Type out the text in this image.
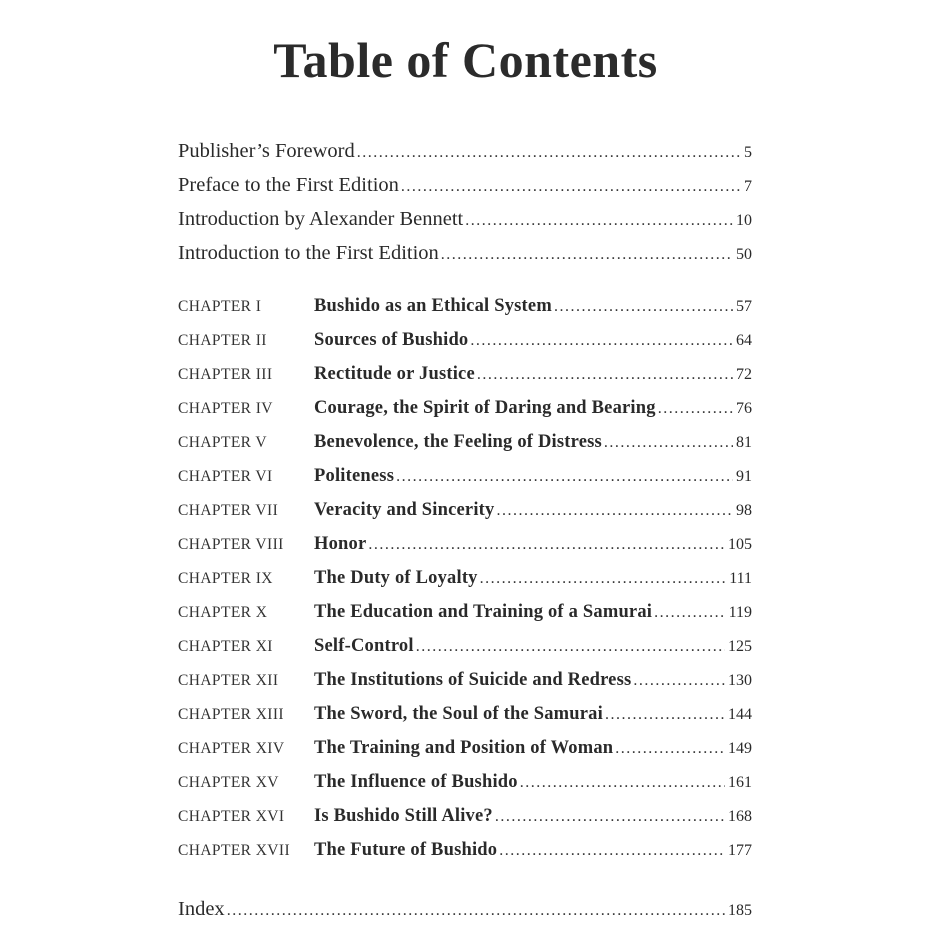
Table of Contents
Publisher’s Foreword .....	5
Preface to the First Edition .....	7
Introduction by Alexander Bennett .....	10
Introduction to the First Edition .....	50
CHAPTER I	Bushido as an Ethical System .....	57
CHAPTER II	Sources of Bushido .....	64
CHAPTER III	Rectitude or Justice .....	72
CHAPTER IV	Courage, the Spirit of Daring and Bearing .....	76
CHAPTER V	Benevolence, the Feeling of Distress .....	81
CHAPTER VI	Politeness .....	91
CHAPTER VII	Veracity and Sincerity .....	98
CHAPTER VIII	Honor .....	105
CHAPTER IX	The Duty of Loyalty .....	111
CHAPTER X	The Education and Training of a Samurai .....	119
CHAPTER XI	Self-Control .....	125
CHAPTER XII	The Institutions of Suicide and Redress .....	130
CHAPTER XIII	The Sword, the Soul of the Samurai .....	144
CHAPTER XIV	The Training and Position of Woman .....	149
CHAPTER XV	The Influence of Bushido .....	161
CHAPTER XVI	Is Bushido Still Alive? .....	168
CHAPTER XVII	The Future of Bushido .....	177
Index .....	185
